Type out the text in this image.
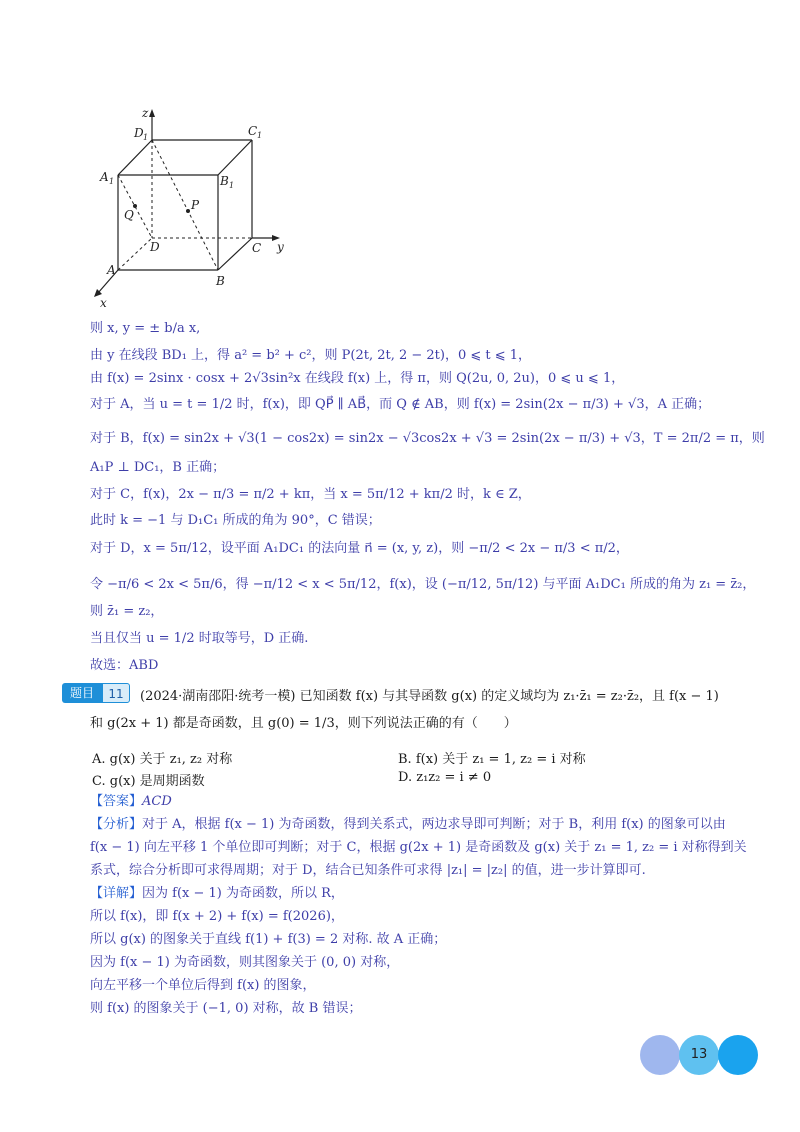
z
y
x
D 1	C 1
A 1	B 1
Q
P
D	C
A
B
则 x, y = ± b/a x,
由 y 在线段 BD₁ 上，得 a² = b² + c²，则 P(2t, 2t, 2 − 2t)，0 ⩽ t ⩽ 1，
由 f(x) = 2sinx · cosx + 2√3sin²x 在线段 f(x) 上，得 π，则 Q(2u, 0, 2u)，0 ⩽ u ⩽ 1，
对于 A，当 u = t = 1/2 时，f(x)，即 QP⃗ ∥ AB⃗，而 Q ∉ AB，则 f(x) = 2sin(2x − π/3) + √3，A 正确；
对于 B，f(x) = sin2x + √3(1 − cos2x) = sin2x − √3cos2x + √3 = 2sin(2x − π/3) + √3，T = 2π/2 = π，则
A₁P ⊥ DC₁，B 正确；
对于 C，f(x)，2x − π/3 = π/2 + kπ，当 x = 5π/12 + kπ/2 时，k ∈ Z，
此时 k = −1 与 D₁C₁ 所成的角为 90°，C 错误；
对于 D，x = 5π/12，设平面 A₁DC₁ 的法向量 n⃗ = (x, y, z)，则 −π/2 < 2x − π/3 < π/2，
令 −π/6 < 2x < 5π/6，得 −π/12 < x < 5π/12，f(x)，设 (−π/12, 5π/12) 与平面 A₁DC₁ 所成的角为 z₁ = z̄₂，
则 z̄₁ = z₂，
当且仅当 u = 1/2 时取等号，D 正确.
故选：ABD
题目	11	(2024·湖南邵阳·统考一模) 已知函数 f(x) 与其导函数 g(x) 的定义域均为 z₁·z̄₁ = z₂·z̄₂，且 f(x − 1)
和 g(2x + 1) 都是奇函数，且 g(0) = 1/3，则下列说法正确的有（　　）
A. g(x) 关于 z₁, z₂ 对称	B. f(x) 关于 z₁ = 1, z₂ = i 对称
C. g(x) 是周期函数	D. z₁z₂ = i ≠ 0
【答案】ACD
【分析】对于 A，根据 f(x − 1) 为奇函数，得到关系式，两边求导即可判断；对于 B，利用 f(x) 的图象可以由
f(x − 1) 向左平移 1 个单位即可判断；对于 C，根据 g(2x + 1) 是奇函数及 g(x) 关于 z₁ = 1, z₂ = i 对称得到关
系式，综合分析即可求得周期；对于 D，结合已知条件可求得 |z₁| = |z₂| 的值，进一步计算即可.
【详解】因为 f(x − 1) 为奇函数，所以 R，
所以 f(x)，即 f(x + 2) + f(x) = f(2026)，
所以 g(x) 的图象关于直线 f(1) + f(3) = 2 对称. 故 A 正确；
因为 f(x − 1) 为奇函数，则其图象关于 (0, 0) 对称，
向左平移一个单位后得到 f(x) 的图象，
则 f(x) 的图象关于 (−1, 0) 对称，故 B 错误；
13
